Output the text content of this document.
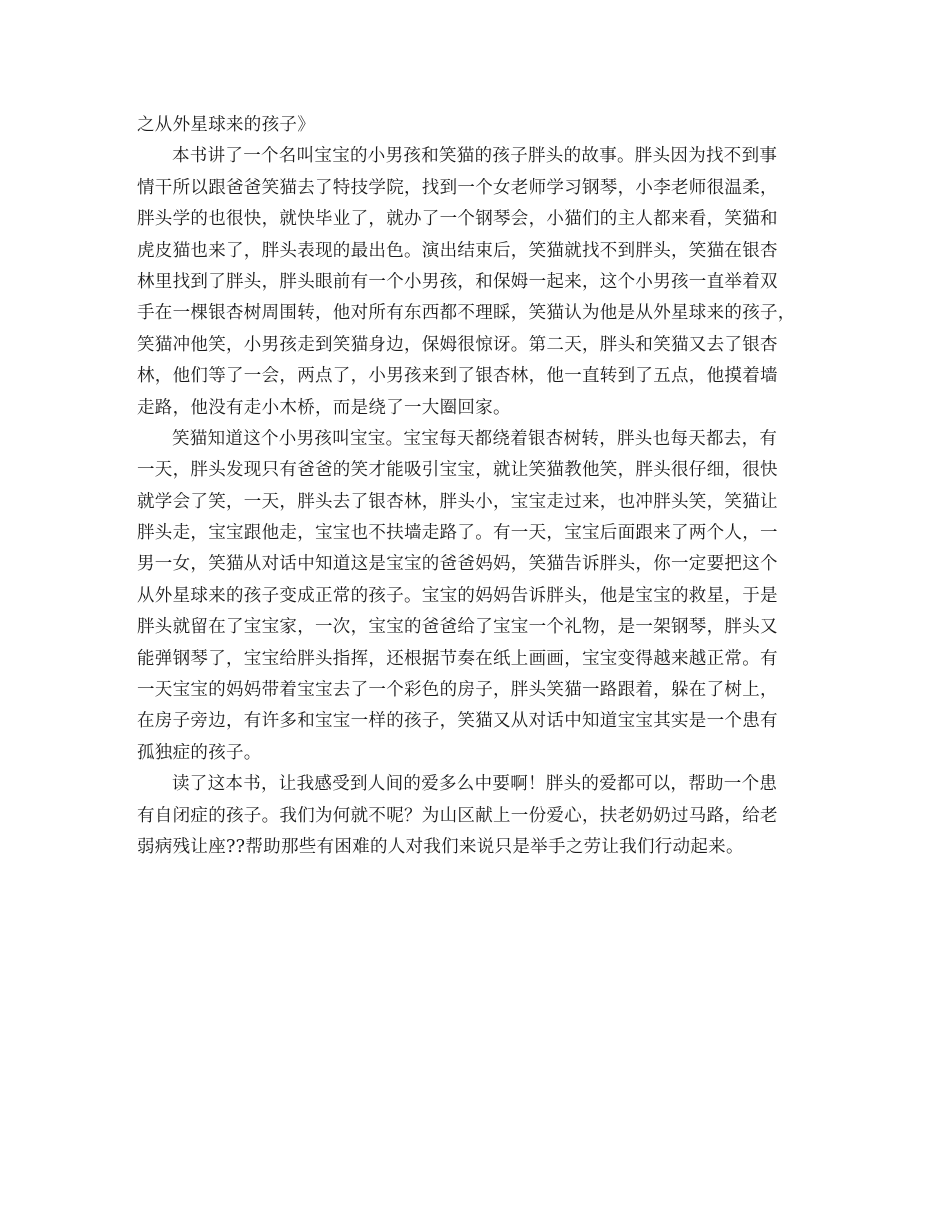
之从外星球来的孩子》
本书讲了一个名叫宝宝的小男孩和笑猫的孩子胖头的故事。胖头因为找不到事
情干所以跟爸爸笑猫去了特技学院，找到一个女老师学习钢琴，小李老师很温柔，
胖头学的也很快，就快毕业了，就办了一个钢琴会，小猫们的主人都来看，笑猫和
虎皮猫也来了，胖头表现的最出色。演出结束后，笑猫就找不到胖头，笑猫在银杏
林里找到了胖头，胖头眼前有一个小男孩，和保姆一起来，这个小男孩一直举着双
手在一棵银杏树周围转，他对所有东西都不理睬，笑猫认为他是从外星球来的孩子，
笑猫冲他笑，小男孩走到笑猫身边，保姆很惊讶。第二天，胖头和笑猫又去了银杏
林，他们等了一会，两点了，小男孩来到了银杏林，他一直转到了五点，他摸着墙
走路，他没有走小木桥，而是绕了一大圈回家。
笑猫知道这个小男孩叫宝宝。宝宝每天都绕着银杏树转，胖头也每天都去，有
一天，胖头发现只有爸爸的笑才能吸引宝宝，就让笑猫教他笑，胖头很仔细，很快
就学会了笑，一天，胖头去了银杏林，胖头小，宝宝走过来，也冲胖头笑，笑猫让
胖头走，宝宝跟他走，宝宝也不扶墙走路了。有一天，宝宝后面跟来了两个人，一
男一女，笑猫从对话中知道这是宝宝的爸爸妈妈，笑猫告诉胖头，你一定要把这个
从外星球来的孩子变成正常的孩子。宝宝的妈妈告诉胖头，他是宝宝的救星，于是
胖头就留在了宝宝家，一次，宝宝的爸爸给了宝宝一个礼物，是一架钢琴，胖头又
能弹钢琴了，宝宝给胖头指挥，还根据节奏在纸上画画，宝宝变得越来越正常。有
一天宝宝的妈妈带着宝宝去了一个彩色的房子，胖头笑猫一路跟着，躲在了树上，
在房子旁边，有许多和宝宝一样的孩子，笑猫又从对话中知道宝宝其实是一个患有
孤独症的孩子。
读了这本书，让我感受到人间的爱多么中要啊！胖头的爱都可以，帮助一个患
有自闭症的孩子。我们为何就不呢？为山区献上一份爱心，扶老奶奶过马路，给老
弱病残让座??帮助那些有困难的人对我们来说只是举手之劳让我们行动起来。
